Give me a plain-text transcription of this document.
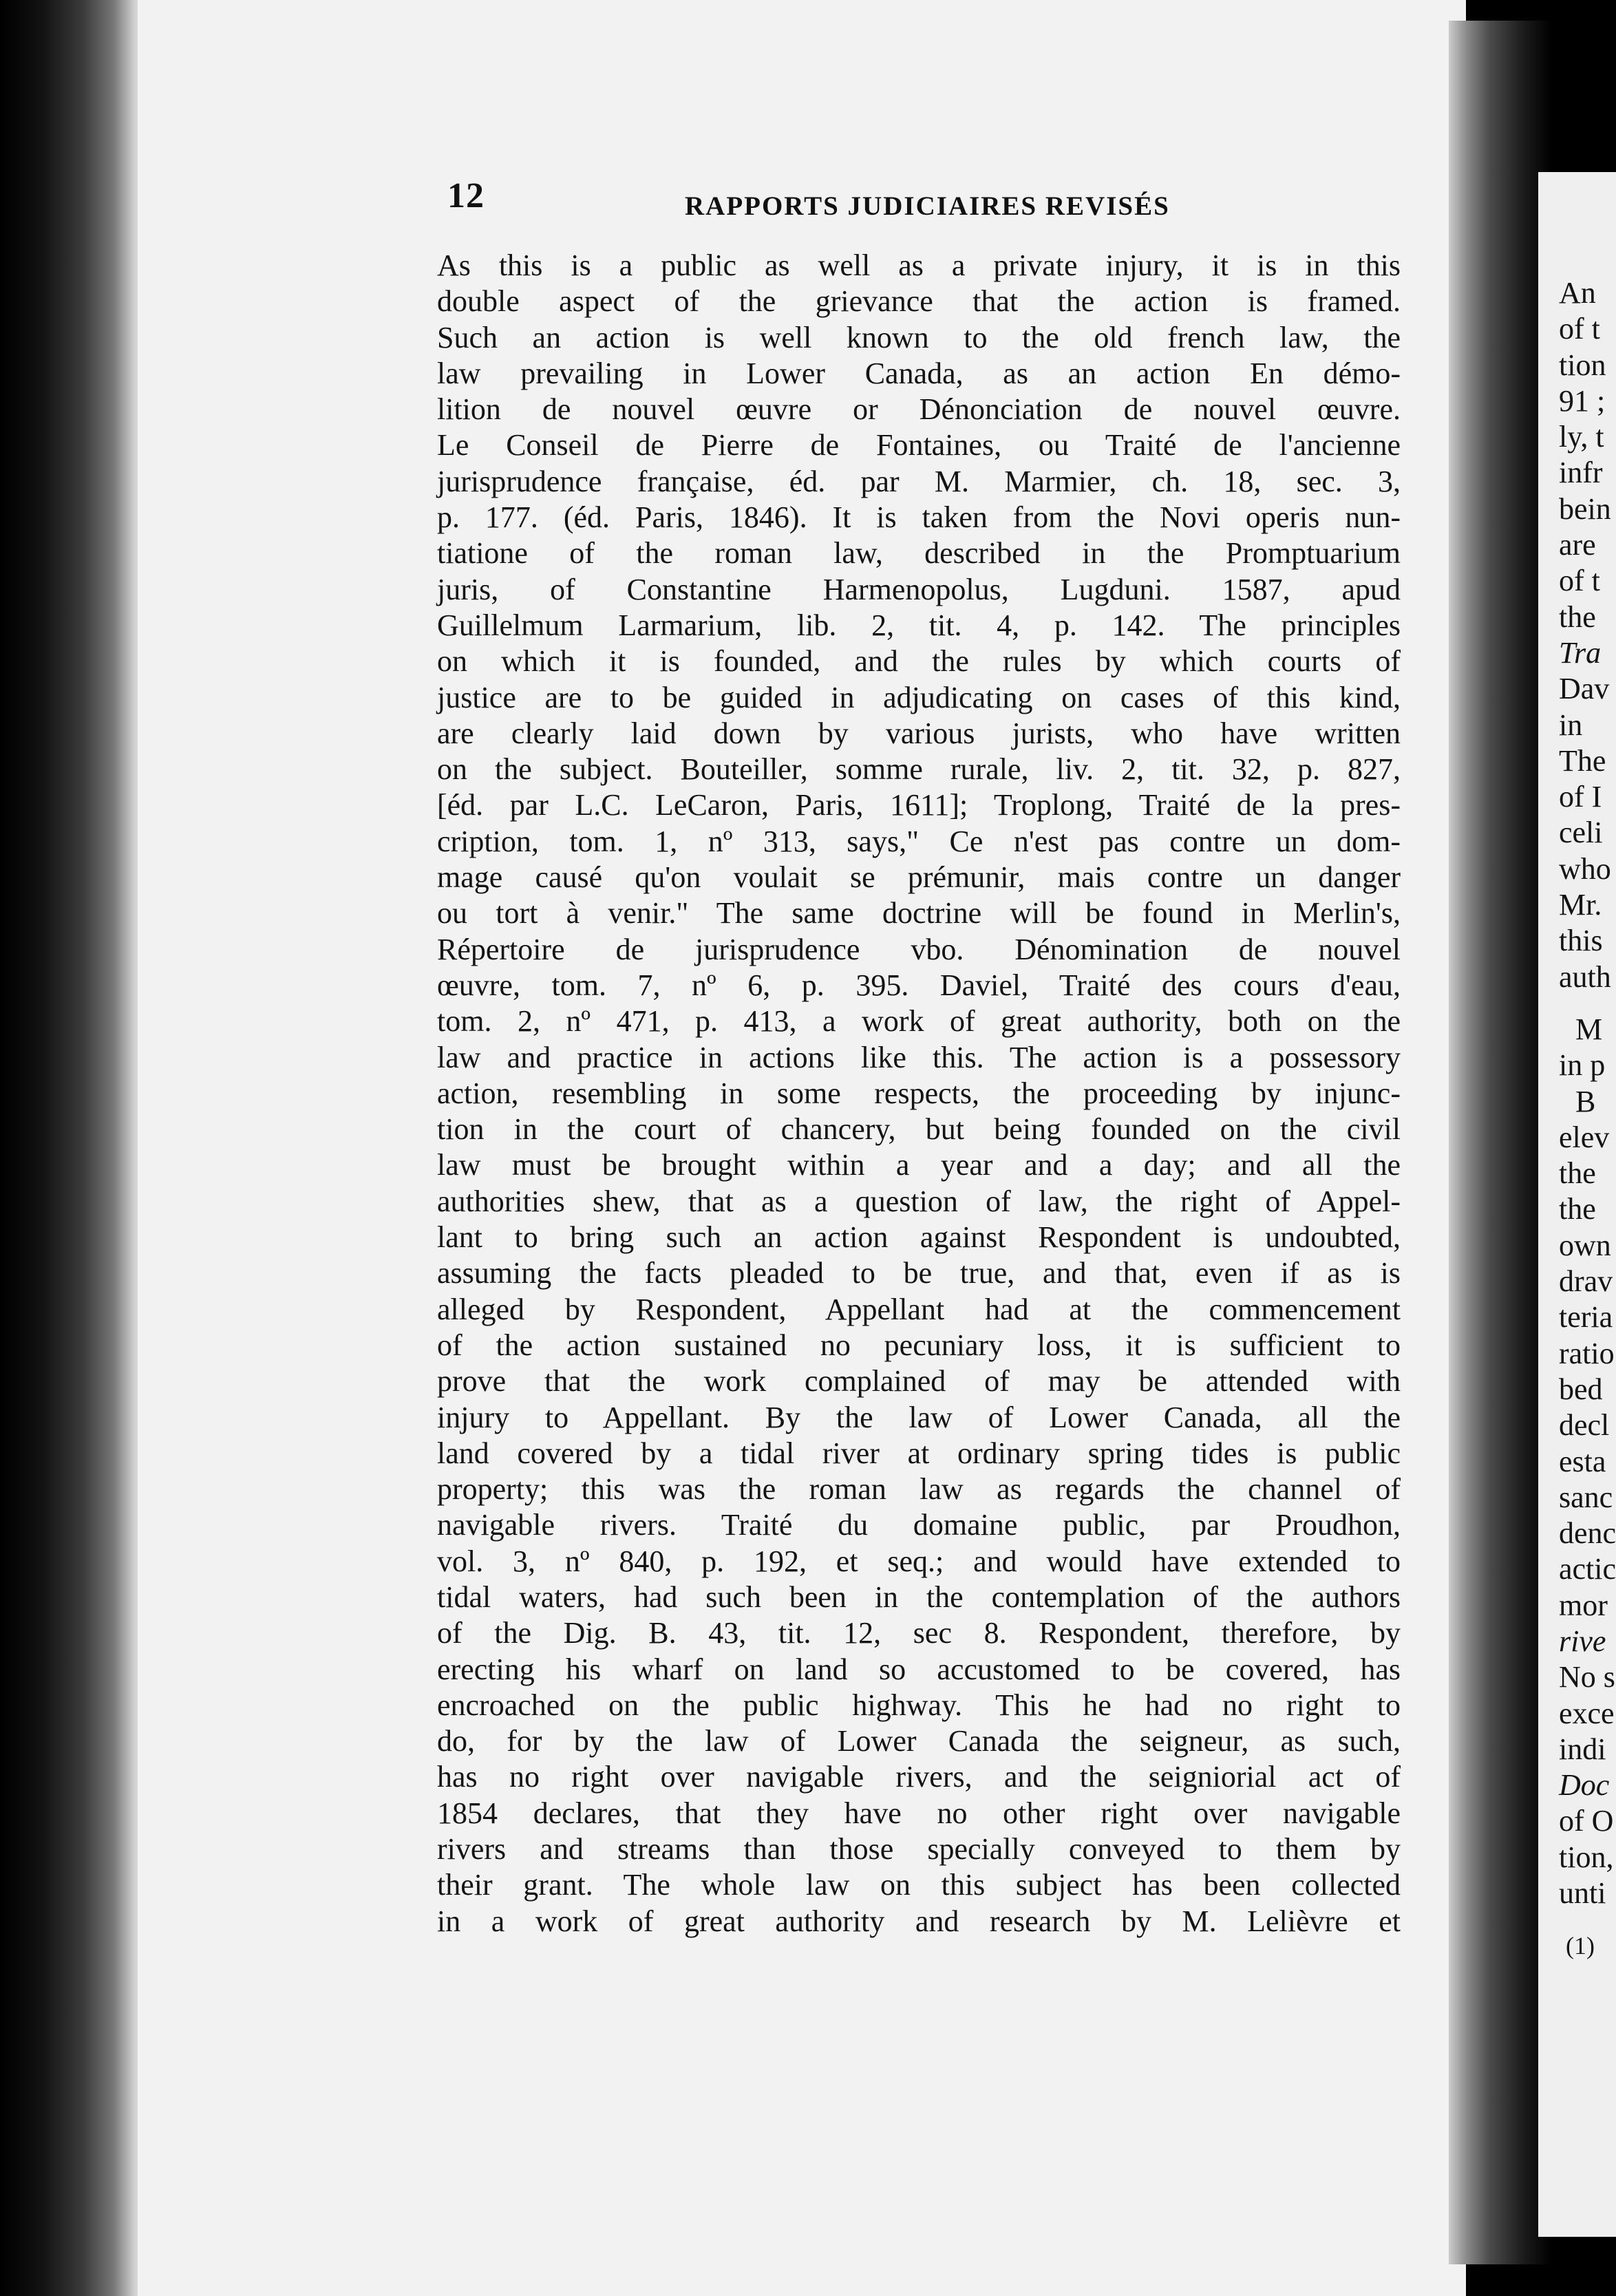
An
of t
tion
91 ;
ly, t
infr
bein
are
of t
the
Tra
Dav
in
The
of I
celi
who
Mr.
this
auth
M
in p
B
elev
the
the
own
drav
teria
ratio
bed
decl
esta
sanc
denc
actic
mor
rive
No s
exce
indi
Doc
of O
tion,
unti
(1)
12	RAPPORTS JUDICIAIRES REVISÉS
As this is a public as well as a private injury, it is in this
double aspect of the grievance that the action is framed.
Such an action is well known to the old french law, the
law prevailing in Lower Canada, as an action En démo-
lition de nouvel œuvre or Dénonciation de nouvel œuvre.
Le Conseil de Pierre de Fontaines, ou Traité de l'ancienne
jurisprudence française, éd. par M. Marmier, ch. 18, sec. 3,
p. 177. (éd. Paris, 1846). It is taken from the Novi operis nun-
tiatione of the roman law, described in the Promptuarium
juris, of Constantine Harmenopolus, Lugduni. 1587, apud
Guillelmum Larmarium, lib. 2, tit. 4, p. 142. The principles
on which it is founded, and the rules by which courts of
justice are to be guided in adjudicating on cases of this kind,
are clearly laid down by various jurists, who have written
on the subject. Bouteiller, somme rurale, liv. 2, tit. 32, p. 827,
[éd. par L.C. LeCaron, Paris, 1611]; Troplong, Traité de la pres-
cription, tom. 1, nº 313, says," Ce n'est pas contre un dom-
mage causé qu'on voulait se prémunir, mais contre un danger
ou tort à venir." The same doctrine will be found in Merlin's,
Répertoire de jurisprudence vbo. Dénomination de nouvel
œuvre, tom. 7, nº 6, p. 395. Daviel, Traité des cours d'eau,
tom. 2, nº 471, p. 413, a work of great authority, both on the
law and practice in actions like this. The action is a possessory
action, resembling in some respects, the proceeding by injunc-
tion in the court of chancery, but being founded on the civil
law must be brought within a year and a day; and all the
authorities shew, that as a question of law, the right of Appel-
lant to bring such an action against Respondent is undoubted,
assuming the facts pleaded to be true, and that, even if as is
alleged by Respondent, Appellant had at the commencement
of the action sustained no pecuniary loss, it is sufficient to
prove that the work complained of may be attended with
injury to Appellant. By the law of Lower Canada, all the
land covered by a tidal river at ordinary spring tides is public
property; this was the roman law as regards the channel of
navigable rivers. Traité du domaine public, par Proudhon,
vol. 3, nº 840, p. 192, et seq.; and would have extended to
tidal waters, had such been in the contemplation of the authors
of the Dig. B. 43, tit. 12, sec 8. Respondent, therefore, by
erecting his wharf on land so accustomed to be covered, has
encroached on the public highway. This he had no right to
do, for by the law of Lower Canada the seigneur, as such,
has no right over navigable rivers, and the seigniorial act of
1854 declares, that they have no other right over navigable
rivers and streams than those specially conveyed to them by
their grant. The whole law on this subject has been collected
in a work of great authority and research by M. Lelièvre et
